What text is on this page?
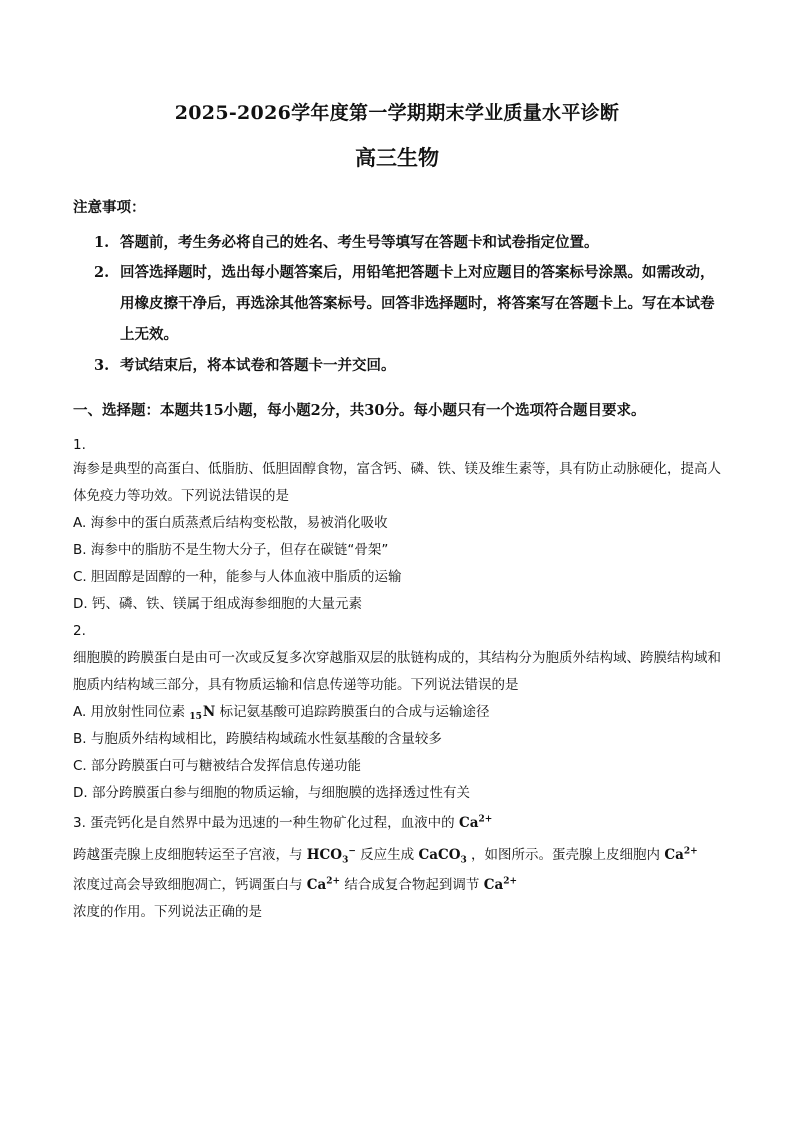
2025-2026学年度第一学期期末学业质量水平诊断
高三生物
注意事项：
1. 答题前，考生务必将自己的姓名、考生号等填写在答题卡和试卷指定位置。
2. 回答选择题时，选出每小题答案后，用铅笔把答题卡上对应题目的答案标号涂黑。如需改动，用橡皮擦干净后，再选涂其他答案标号。回答非选择题时，将答案写在答题卡上。写在本试卷上无效。
3. 考试结束后，将本试卷和答题卡一并交回。
一、选择题：本题共15小题，每小题2分，共30分。每小题只有一个选项符合题目要求。
1.
海参是典型的高蛋白、低脂肪、低胆固醇食物，富含钙、磷、铁、镁及维生素等，具有防止动脉硬化，提高人体免疫力等功效。下列说法错误的是
A. 海参中的蛋白质蒸煮后结构变松散，易被消化吸收
B. 海参中的脂肪不是生物大分子，但存在碳链“骨架”
C. 胆固醇是固醇的一种，能参与人体血液中脂质的运输
D. 钙、磷、铁、镁属于组成海参细胞的大量元素
2.
细胞膜的跨膜蛋白是由可一次或反复多次穿越脂双层的肽链构成的，其结构分为胞质外结构域、跨膜结构域和胞质内结构域三部分，具有物质运输和信息传递等功能。下列说法错误的是
A. 用放射性同位素 $_{15}$N 标记氨基酸可追踪跨膜蛋白的合成与运输途径
B. 与胞质外结构域相比，跨膜结构域疏水性氨基酸的含量较多
C. 部分跨膜蛋白可与糖被结合发挥信息传递功能
D. 部分跨膜蛋白参与细胞的物质运输，与细胞膜的选择透过性有关
3. 蛋壳钙化是自然界中最为迅速的一种生物矿化过程，血液中的 $Ca^{2+}$
跨越蛋壳腺上皮细胞转运至子宫液，与 $HCO_3^-$ 反应生成 CaCO$_3$ ，如图所示。蛋壳腺上皮细胞内 $Ca^{2+}$
浓度过高会导致细胞凋亡，钙调蛋白与 $Ca^{2+}$ 结合成复合物起到调节 $Ca^{2+}$
浓度的作用。下列说法正确的是
